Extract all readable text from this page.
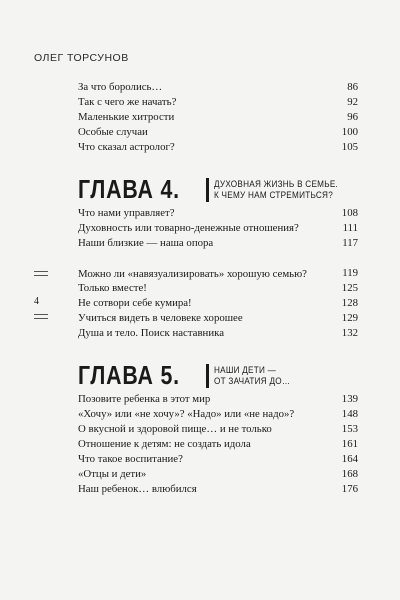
ОЛЕГ ТОРСУНОВ
За что боролись…	86
Так с чего же начать?	92
Маленькие хитрости	96
Особые случаи	100
Что сказал астролог?	105
ГЛАВА 4.	ДУХОВНАЯ ЖИЗНЬ В СЕМЬЕ.
К ЧЕМУ НАМ СТРЕМИТЬСЯ?
Что нами управляет?	108
Духовность или товарно-денежные отношения?	111
Наши близкие — наша опора	117
Можно ли «навязуализировать» хорошую семью?	119
Только вместе!	125
Не сотвори себе кумира!	128
Учиться видеть в человеке хорошее	129
Душа и тело. Поиск наставника	132
4
ГЛАВА 5.	НАШИ ДЕТИ —
ОТ ЗАЧАТИЯ ДО…
Позовите ребенка в этот мир	139
«Хочу» или «не хочу»? «Надо» или «не надо»?	148
О вкусной и здоровой пище… и не только	153
Отношение к детям: не создать идола	161
Что такое воспитание?	164
«Отцы и дети»	168
Наш ребенок… влюбился	176
